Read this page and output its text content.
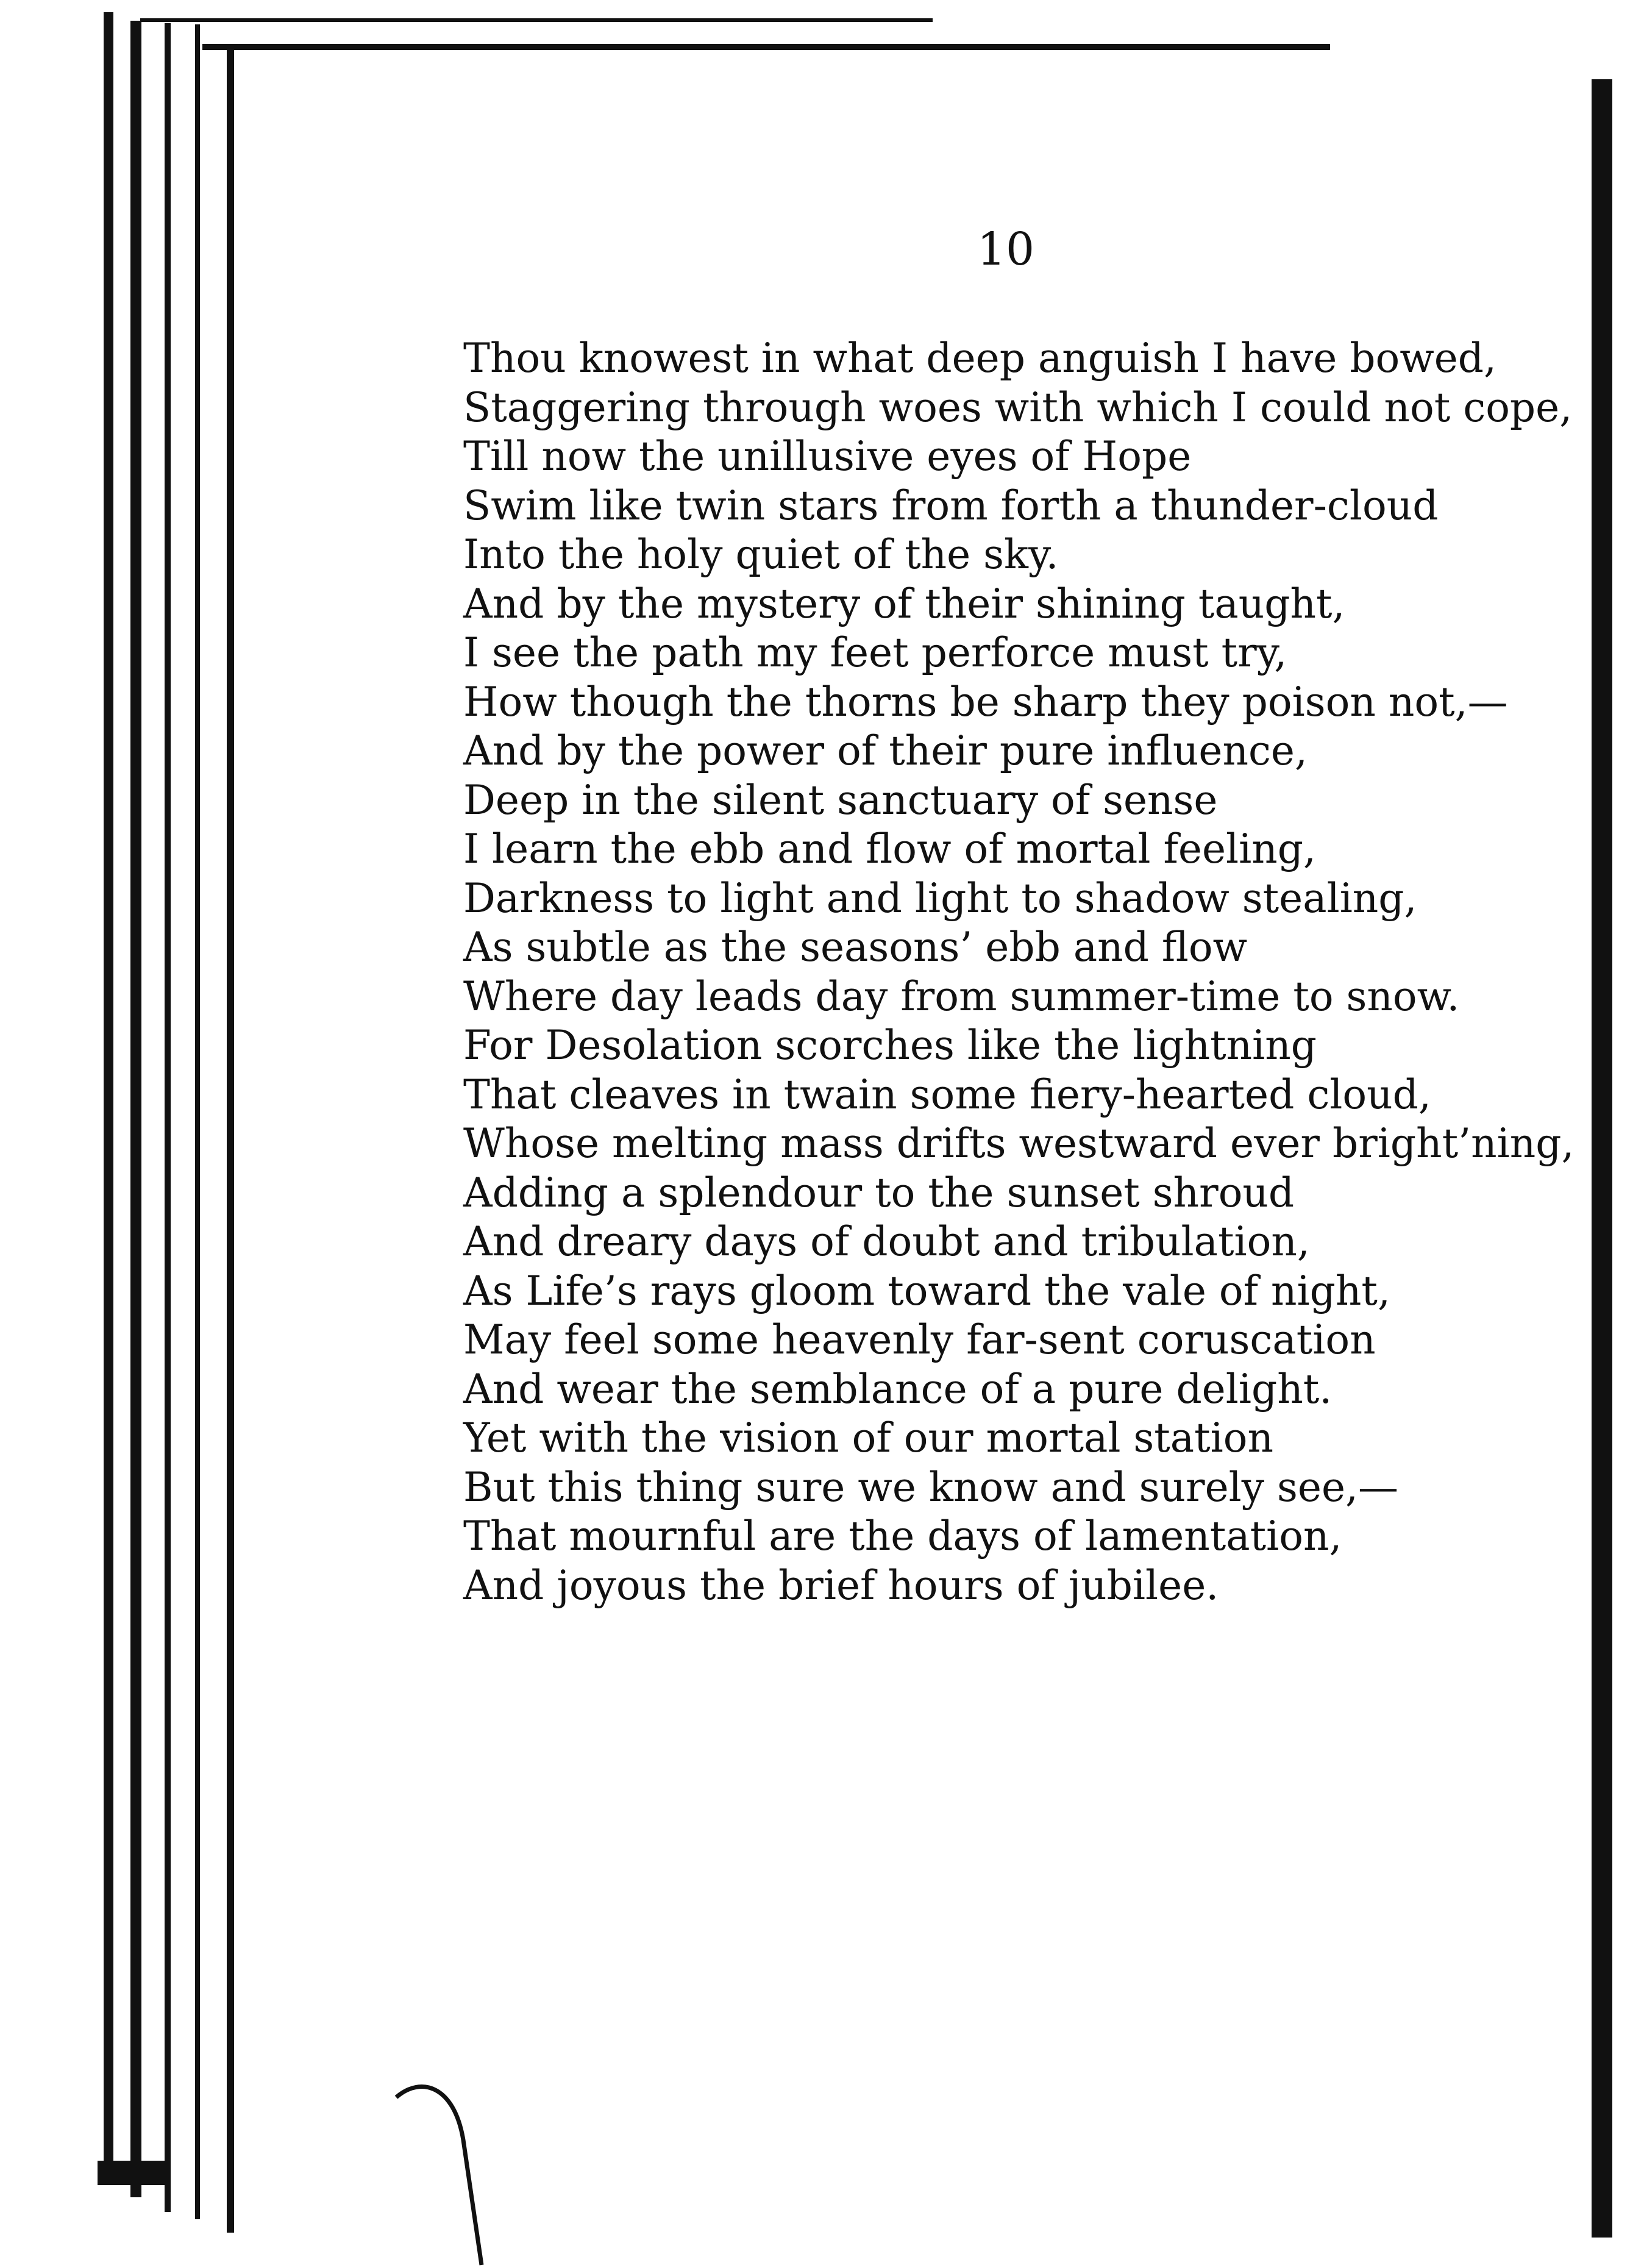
10
Thou knowest in what deep anguish I have bowed,
Staggering through woes with which I could not cope,
Till now the unillusive eyes of Hope
Swim like twin stars from forth a thunder-cloud
Into the holy quiet of the sky.
And by the mystery of their shining taught,
I see the path my feet perforce must try,
How though the thorns be sharp they poison not,—
And by the power of their pure influence,
Deep in the silent sanctuary of sense
I learn the ebb and flow of mortal feeling,
Darkness to light and light to shadow stealing,
As subtle as the seasons’ ebb and flow
Where day leads day from summer-time to snow.
For Desolation scorches like the lightning
That cleaves in twain some fiery-hearted cloud,
Whose melting mass drifts westward ever bright’ning,
Adding a splendour to the sunset shroud
And dreary days of doubt and tribulation,
As Life’s rays gloom toward the vale of night,
May feel some heavenly far-sent coruscation
And wear the semblance of a pure delight.
Yet with the vision of our mortal station
But this thing sure we know and surely see,—
That mournful are the days of lamentation,
And joyous the brief hours of jubilee.
